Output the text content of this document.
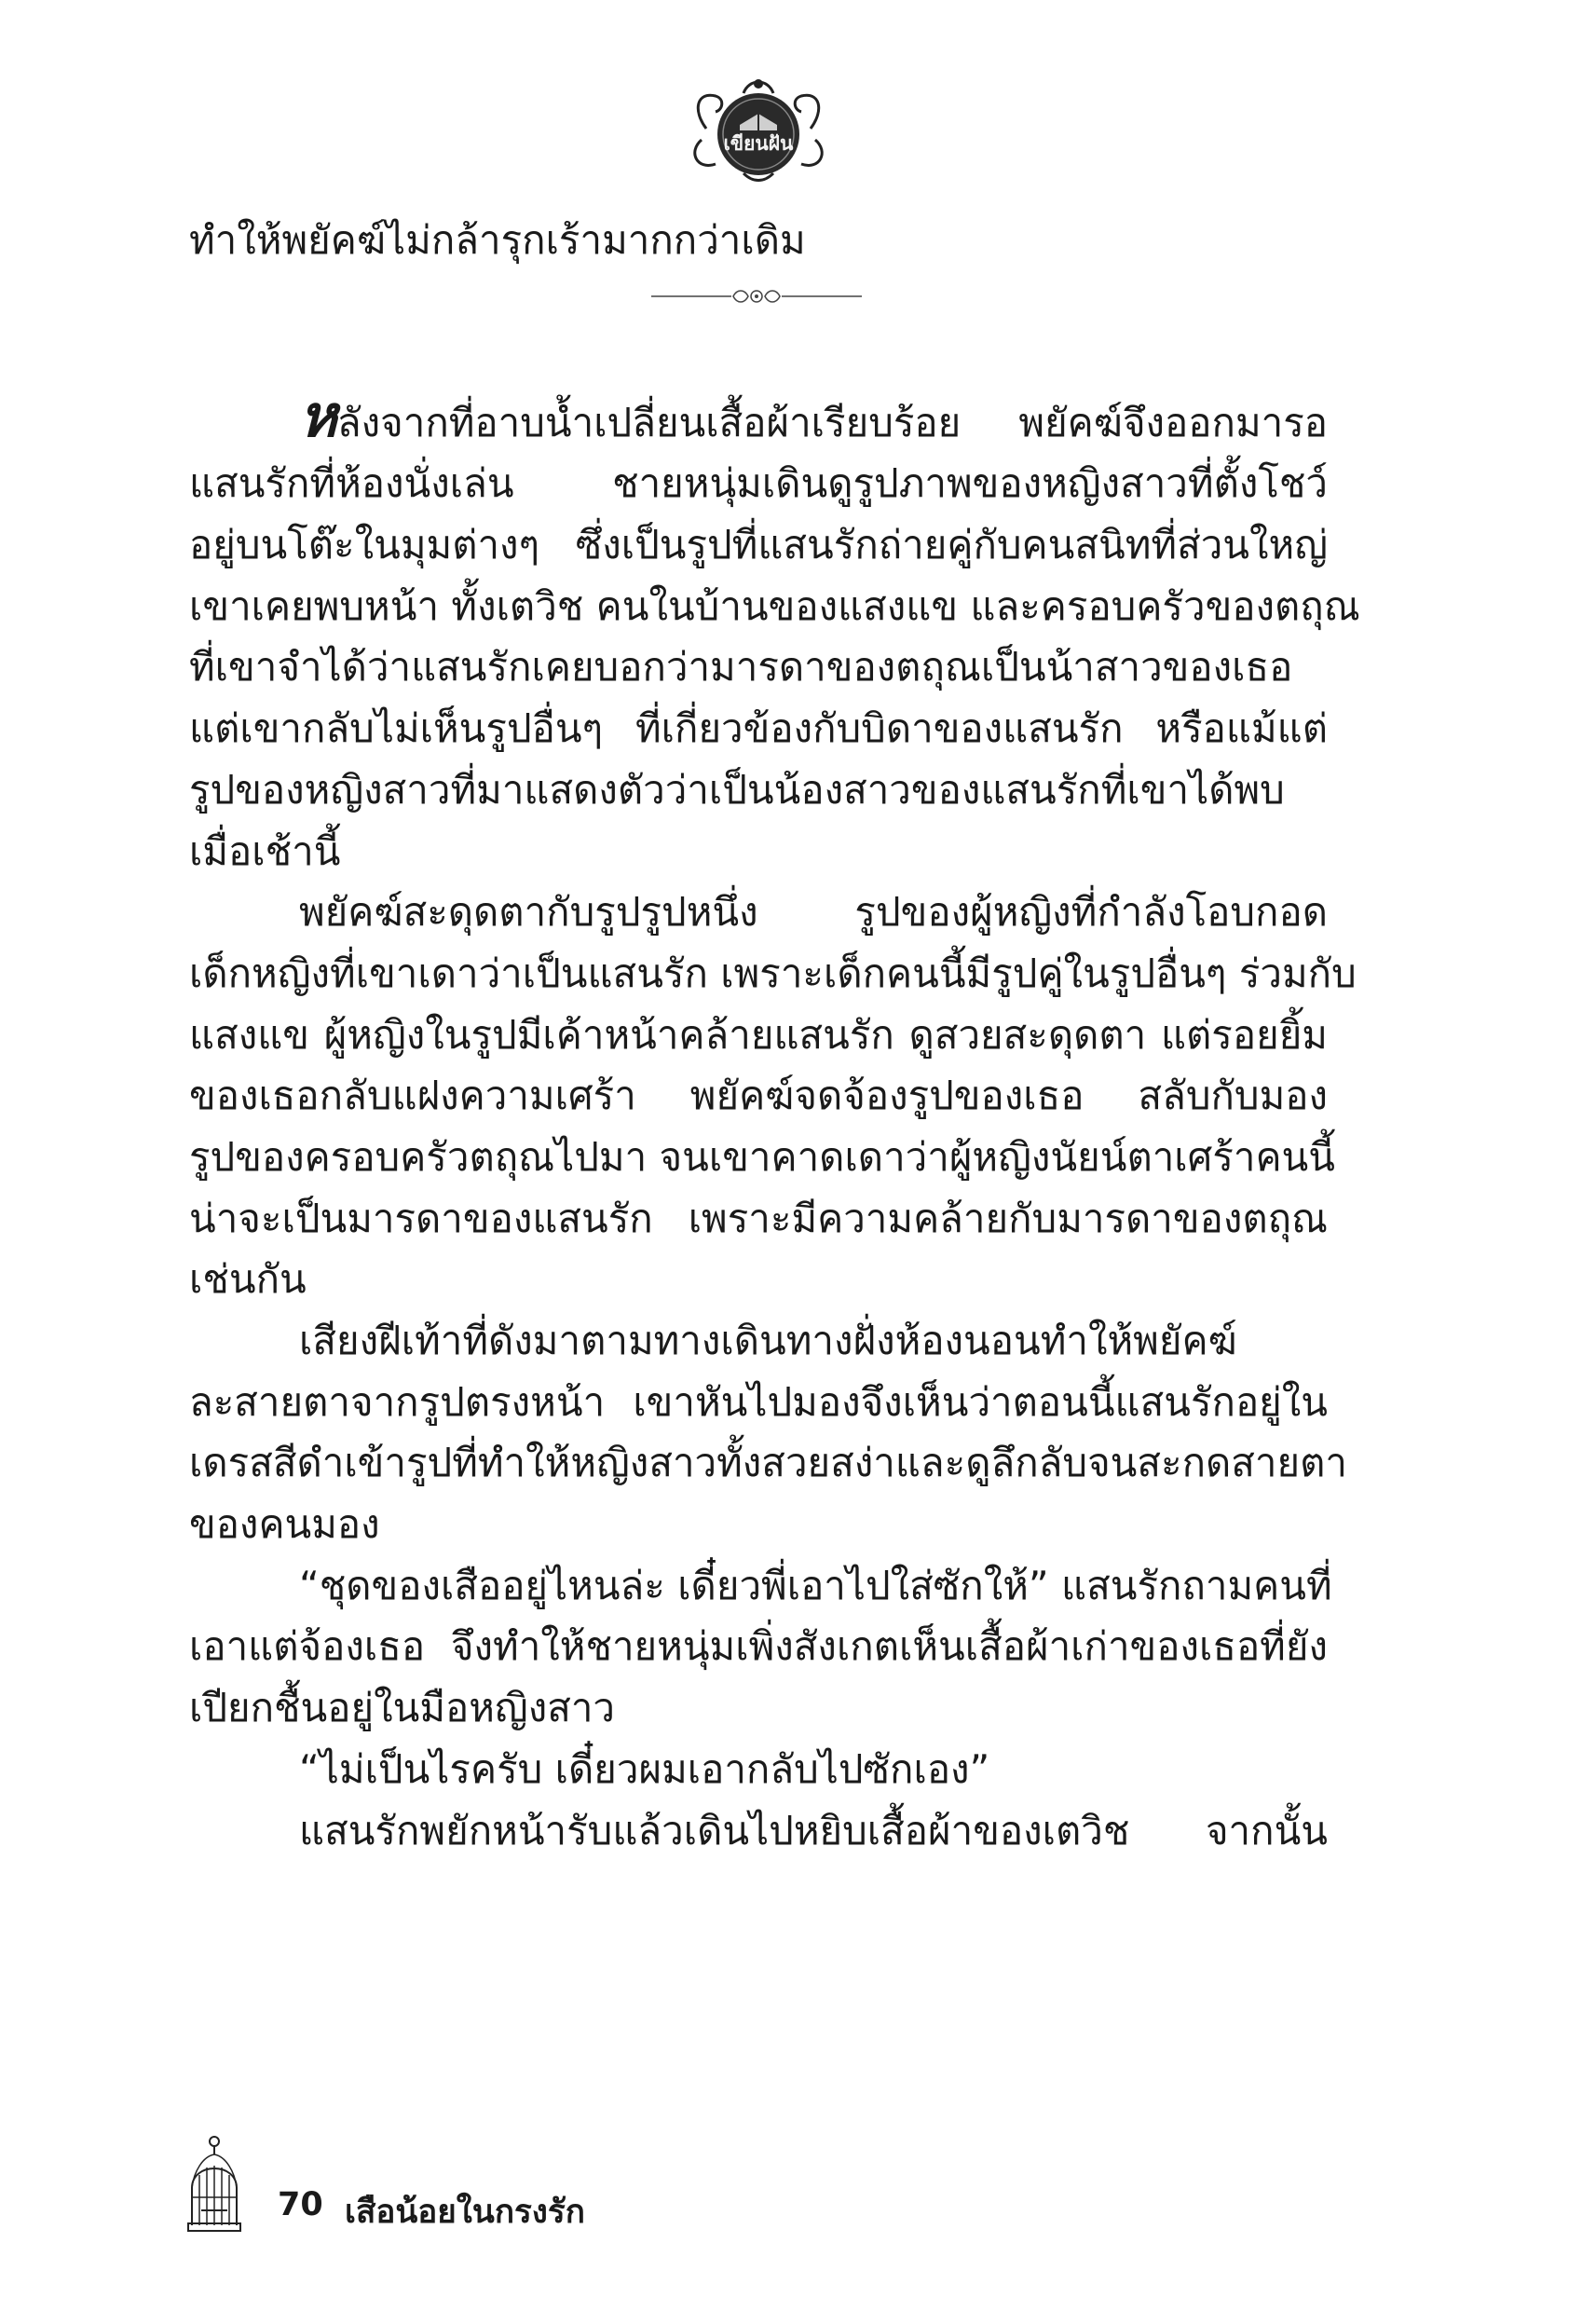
เขียนฝัน
ทำให้พยัคฆ์ไม่กล้ารุกเร้ามากกว่าเดิม
หลังจากที่อาบน้ำเปลี่ยนเสื้อผ้าเรียบร้อย พยัคฆ์จึงออกมารอ
แสนรักที่ห้องนั่งเล่น ชายหนุ่มเดินดูรูปภาพของหญิงสาวที่ตั้งโชว์
อยู่บนโต๊ะในมุมต่างๆ ซึ่งเป็นรูปที่แสนรักถ่ายคู่กับคนสนิทที่ส่วนใหญ่
เขาเคยพบหน้า ทั้งเตวิช คนในบ้านของแสงแข และครอบครัวของตถุณ
ที่เขาจำได้ว่าแสนรักเคยบอกว่ามารดาของตถุณเป็นน้าสาวของเธอ
แต่เขากลับไม่เห็นรูปอื่นๆ ที่เกี่ยวข้องกับบิดาของแสนรัก หรือแม้แต่
รูปของหญิงสาวที่มาแสดงตัวว่าเป็นน้องสาวของแสนรักที่เขาได้พบ
เมื่อเช้านี้
พยัคฆ์สะดุดตากับรูปรูปหนึ่ง รูปของผู้หญิงที่กำลังโอบกอด
เด็กหญิงที่เขาเดาว่าเป็นแสนรัก เพราะเด็กคนนี้มีรูปคู่ในรูปอื่นๆ ร่วมกับ
แสงแข ผู้หญิงในรูปมีเค้าหน้าคล้ายแสนรัก ดูสวยสะดุดตา แต่รอยยิ้ม
ของเธอกลับแฝงความเศร้า พยัคฆ์จดจ้องรูปของเธอ สลับกับมอง
รูปของครอบครัวตถุณไปมา จนเขาคาดเดาว่าผู้หญิงนัยน์ตาเศร้าคนนี้
น่าจะเป็นมารดาของแสนรัก เพราะมีความคล้ายกับมารดาของตถุณ
เช่นกัน
เสียงฝีเท้าที่ดังมาตามทางเดินทางฝั่งห้องนอนทำให้พยัคฆ์
ละสายตาจากรูปตรงหน้า เขาหันไปมองจึงเห็นว่าตอนนี้แสนรักอยู่ใน
เดรสสีดำเข้ารูปที่ทำให้หญิงสาวทั้งสวยสง่าและดูลึกลับจนสะกดสายตา
ของคนมอง
“ชุดของเสืออยู่ไหนล่ะ เดี๋ยวพี่เอาไปใส่ซักให้” แสนรักถามคนที่
เอาแต่จ้องเธอ จึงทำให้ชายหนุ่มเพิ่งสังเกตเห็นเสื้อผ้าเก่าของเธอที่ยัง
เปียกชื้นอยู่ในมือหญิงสาว
“ไม่เป็นไรครับ เดี๋ยวผมเอากลับไปซักเอง”
แสนรักพยักหน้ารับแล้วเดินไปหยิบเสื้อผ้าของเตวิช จากนั้น
70 เสือน้อยในกรงรัก
